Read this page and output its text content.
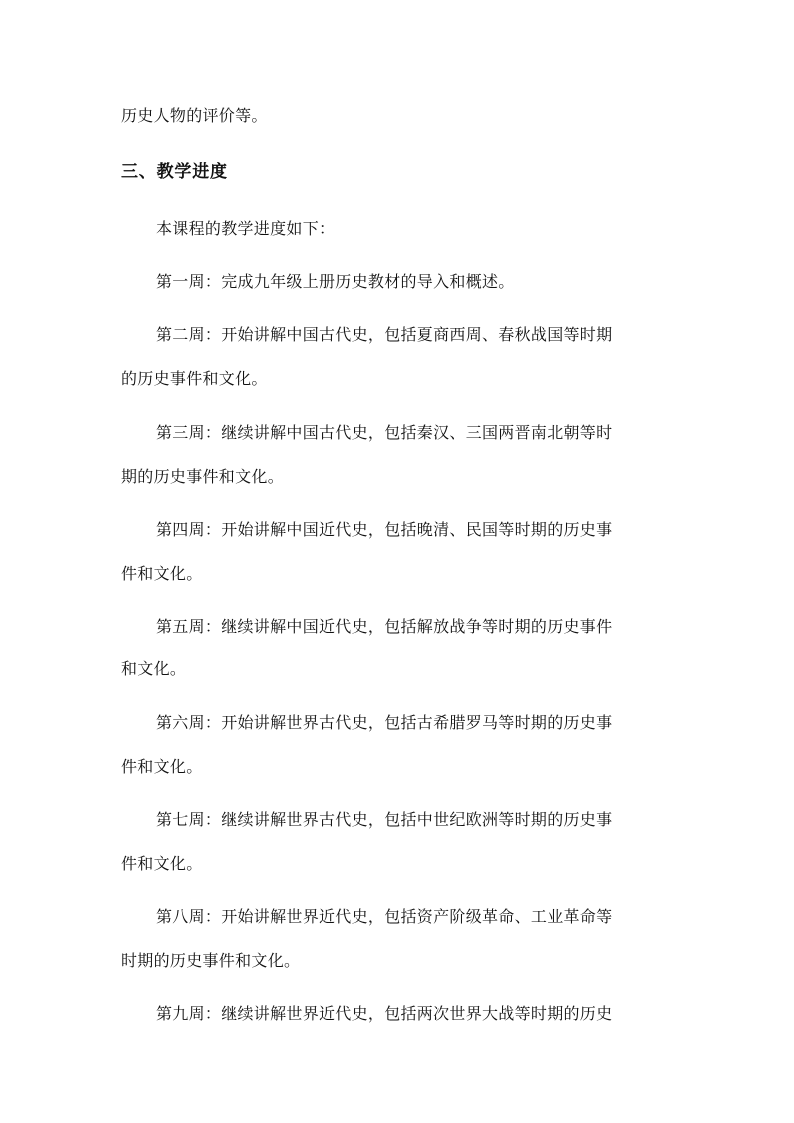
历史人物的评价等。
三、教学进度
本课程的教学进度如下：
第一周：完成九年级上册历史教材的导入和概述。
第二周：开始讲解中国古代史，包括夏商西周、春秋战国等时期
的历史事件和文化。
第三周：继续讲解中国古代史，包括秦汉、三国两晋南北朝等时
期的历史事件和文化。
第四周：开始讲解中国近代史，包括晚清、民国等时期的历史事
件和文化。
第五周：继续讲解中国近代史，包括解放战争等时期的历史事件
和文化。
第六周：开始讲解世界古代史，包括古希腊罗马等时期的历史事
件和文化。
第七周：继续讲解世界古代史，包括中世纪欧洲等时期的历史事
件和文化。
第八周：开始讲解世界近代史，包括资产阶级革命、工业革命等
时期的历史事件和文化。
第九周：继续讲解世界近代史，包括两次世界大战等时期的历史
